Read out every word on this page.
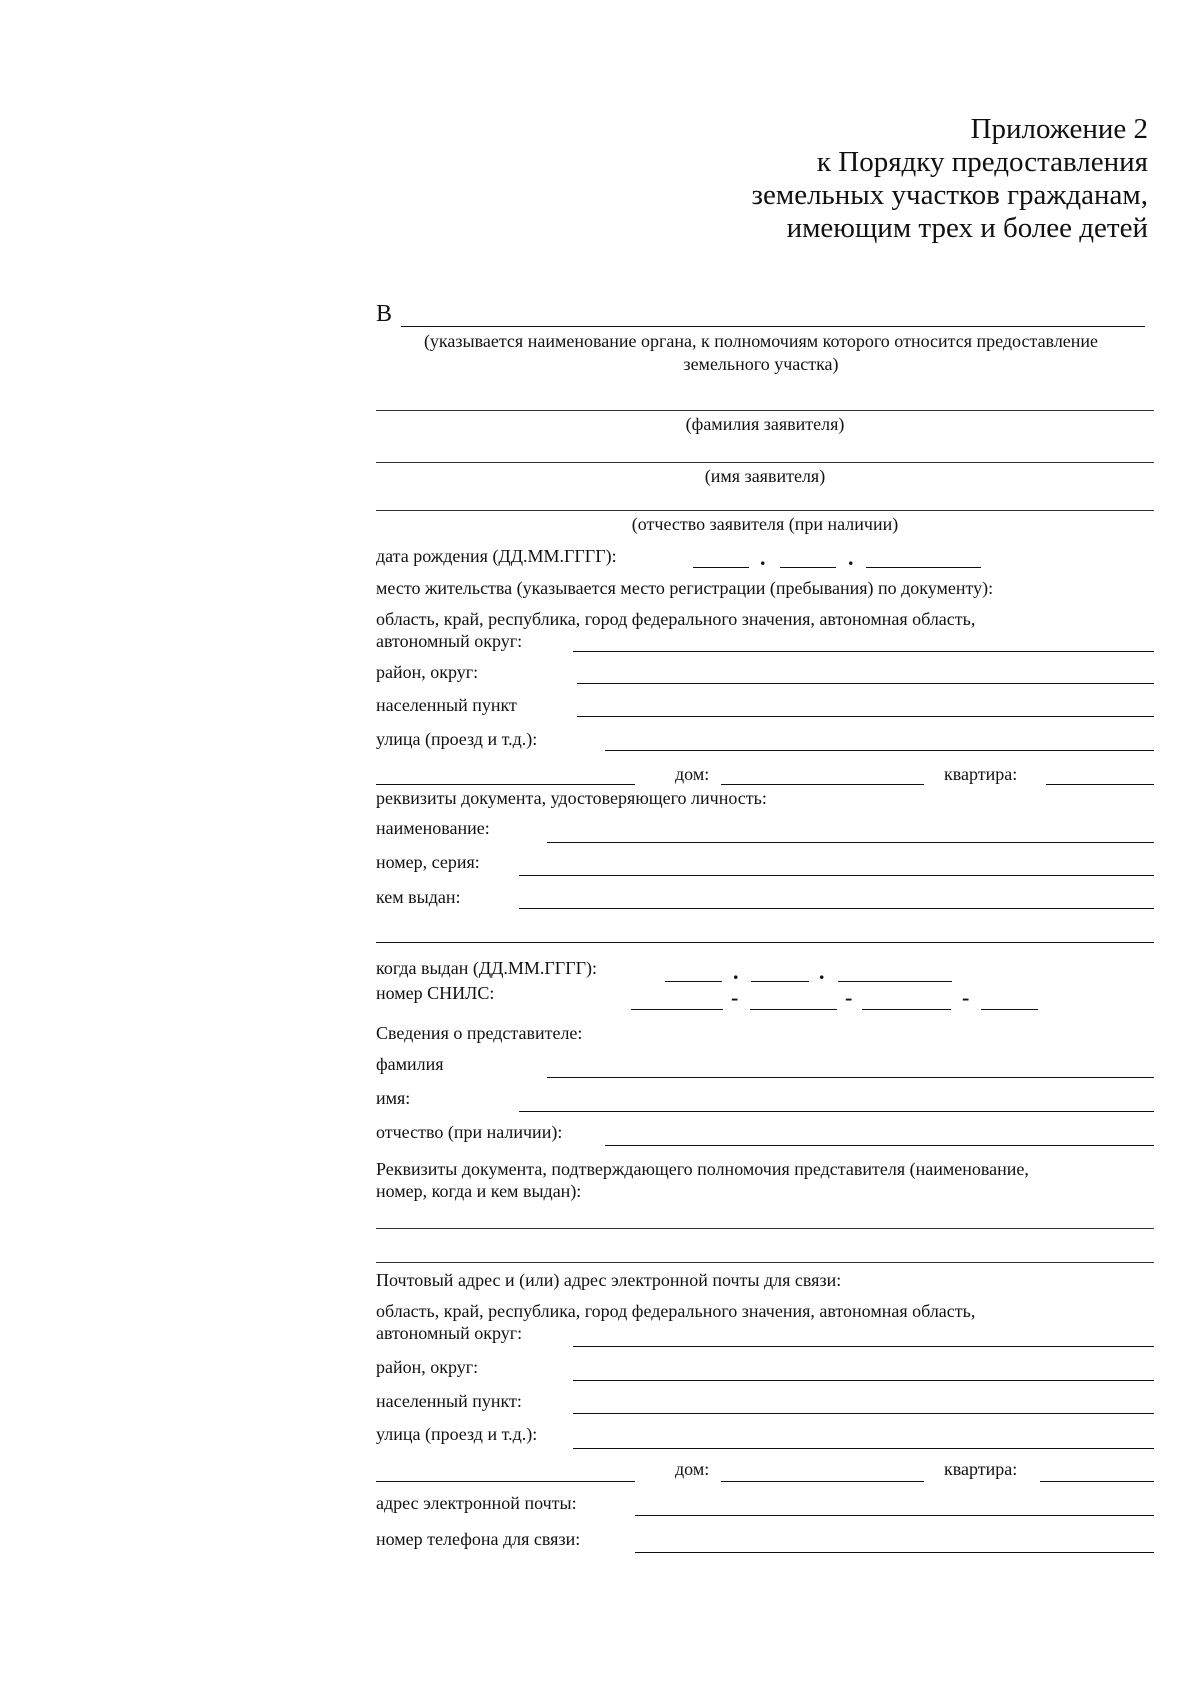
Приложение 2
к Порядку предоставления
земельных участков гражданам,
имеющим трех и более детей
В
(указывается наименование органа, к полномочиям которого относится предоставление
земельного участка)
(фамилия заявителя)
(имя заявителя)
(отчество заявителя (при наличии)
дата рождения (ДД.ММ.ГГГГ):	.	.
место жительства (указывается место регистрации (пребывания) по документу):
область, край, республика, город федерального значения, автономная область,
автономный округ:
район, округ:
населенный пункт
улица (проезд и т.д.):
дом:	квартира:
реквизиты документа, удостоверяющего личность:
наименование:
номер, серия:
кем выдан:
когда выдан (ДД.ММ.ГГГГ):	.	.
номер СНИЛС:	-	-	-
Сведения о представителе:
фамилия
имя:
отчество (при наличии):
Реквизиты документа, подтверждающего полномочия представителя (наименование,
номер, когда и кем выдан):
Почтовый адрес и (или) адрес электронной почты для связи:
область, край, республика, город федерального значения, автономная область,
автономный округ:
район, округ:
населенный пункт:
улица (проезд и т.д.):
дом:	квартира:
адрес электронной почты:
номер телефона для связи:
